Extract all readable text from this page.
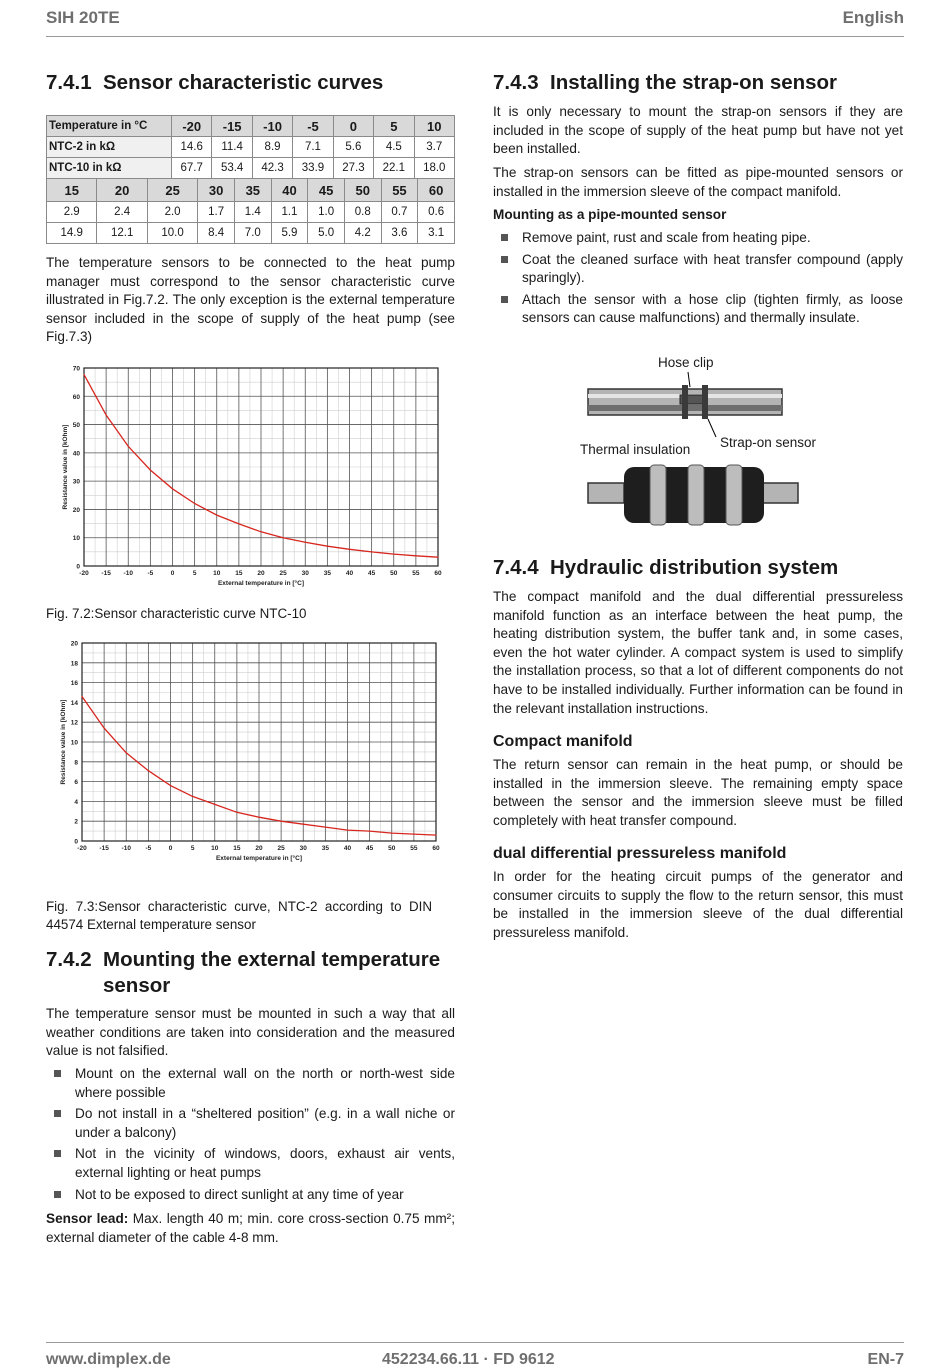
SIH 20TE	English
www.dimplex.de	452234.66.11 · FD 9612	EN-7
7.4.1 Sensor characteristic curves
Temperature in °C	-20	-15	-10	-5	0	5	10
NTC-2 in kΩ	14.6	11.4	8.9	7.1	5.6	4.5	3.7
NTC-10 in kΩ	67.7	53.4	42.3	33.9	27.3	22.1	18.0
15	20	25	30	35	40	45	50	55	60
2.9	2.4	2.0	1.7	1.4	1.1	1.0	0.8	0.7	0.6
14.9	12.1	10.0	8.4	7.0	5.9	5.0	4.2	3.6	3.1

The temperature sensors to be connected to the heat pump manager must correspond to the sensor characteristic curve illustrated in Fig.7.2. The only exception is the external temperature sensor included in the scope of supply of the heat pump (see Fig.7.3)

-20 -15 -10 -5	0	5	10 15 20 25 30 35 40 45 50 55 60
0
10
20
30
40
50
60
70
External temperature in [°C]
Resistance value in [kOhm]
Fig. 7.2:Sensor characteristic curve NTC-10
-20 -15 -10 -5	0	5	10 15 20 25 30 35 40 45 50 55 60
0
2
4
6
8
10
12
14
16
18
20
External temperature in [°C]
Resistance value in [kOhm]
Fig. 7.3:Sensor characteristic curve, NTC-2 according to DIN 44574 External temperature sensor
7.4.2 Mounting the external temperature
sensor

The temperature sensor must be mounted in such a way that all weather conditions are taken into consideration and the measured value is not falsified.

Mount on the external wall on the north or north-west side where possible
Do not install in a “sheltered position” (e.g. in a wall niche or under a balcony)
Not in the vicinity of windows, doors, exhaust air vents, external lighting or heat pumps
Not to be exposed to direct sunlight at any time of year

Sensor lead: Max. length 40 m; min. core cross-section 0.75 mm²; external diameter of the cable 4-8 mm.

7.4.3 Installing the strap-on sensor

It is only necessary to mount the strap-on sensors if they are included in the scope of supply of the heat pump but have not yet been installed.

The strap-on sensors can be fitted as pipe-mounted sensors or installed in the immersion sleeve of the compact manifold.

Mounting as a pipe-mounted sensor
Remove paint, rust and scale from heating pipe.
Coat the cleaned surface with heat transfer compound (apply sparingly).
Attach the sensor with a hose clip (tighten firmly, as loose sensors can cause malfunctions) and thermally insulate.
Hose clip
Thermal insulation Strap-on sensor
7.4.4 Hydraulic distribution system

The compact manifold and the dual differential pressureless manifold function as an interface between the heat pump, the heating distribution system, the buffer tank and, in some cases, even the hot water cylinder. A compact system is used to simplify the installation process, so that a lot of different components do not have to be installed individually. Further information can be found in the relevant installation instructions.

Compact manifold

The return sensor can remain in the heat pump, or should be installed in the immersion sleeve. The remaining empty space between the sensor and the immersion sleeve must be filled completely with heat transfer compound.

dual differential pressureless manifold

In order for the heating circuit pumps of the generator and consumer circuits to supply the flow to the return sensor, this must be installed in the immersion sleeve of the dual differential pressureless manifold.
